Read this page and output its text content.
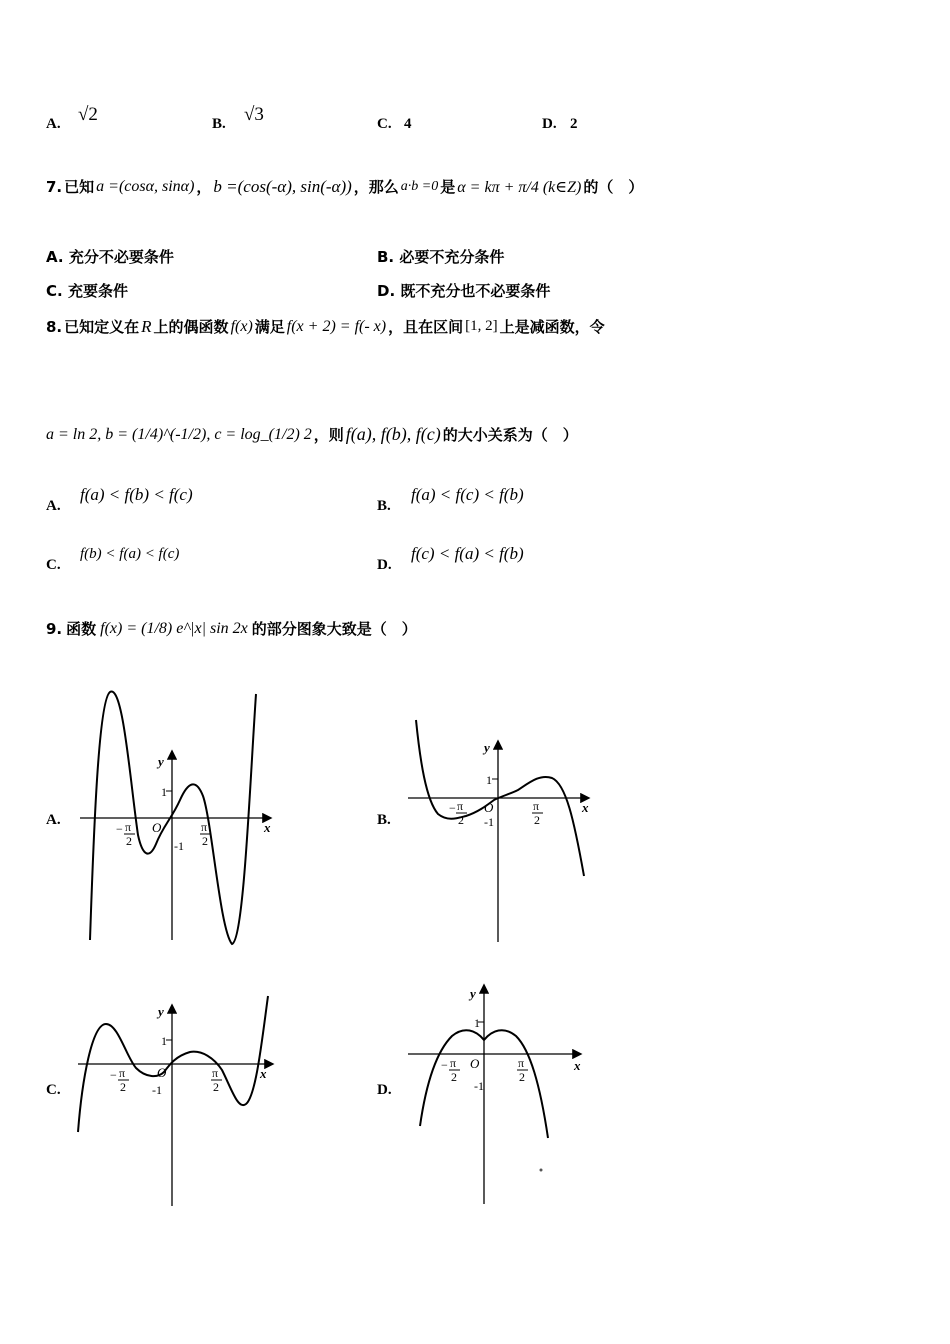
A. √2	B. √3	C. 4	D. 2
7. 已知 a =(cosα, sinα) ， b =(cos(-α), sin(-α)) ，那么 a·b =0 是 α = kπ + π/4 (k∈Z) 的（　）
A. 充分不必要条件	B. 必要不充分条件
C. 充要条件	D. 既不充分也不必要条件
8. 已知定义在 R 上的偶函数 f(x) 满足 f(x + 2) = f(- x) ，且在区间 [1, 2] 上是减函数，令
a = ln 2, b = (1/4)^(-1/2), c = log_(1/2) 2 ，则 f(a), f(b), f(c) 的大小关系为（　）
A.
f(a) < f(b) < f(c)
B.
f(a) < f(c) < f(b)
C.
f(b) < f(a) < f(c)
D.
f(c) < f(a) < f(b)
9. 函数 f(x) = (1/8) e^|x| sin 2x 的部分图象大致是（　）
A.	B.
C.	D.
y
x
O
1
-1
− π
2
π
2
y
x
O
1
-1
− π
2
π
2
y
x
O
1
-1
− π
2
π
2
y
x
O
1
-1
− π
2
π
2
